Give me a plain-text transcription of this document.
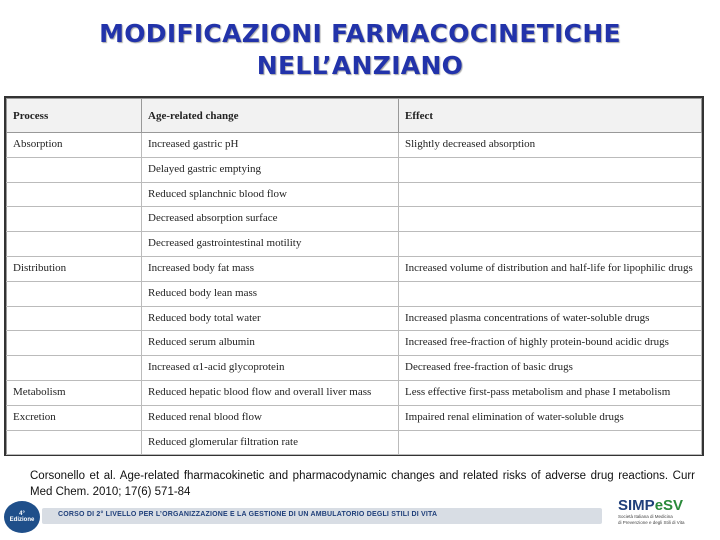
MODIFICAZIONI FARMACOCINETICHE
NELL’ANZIANO
Process	Age-related change	Effect
Absorption	Increased gastric pH	Slightly decreased absorption
	Delayed gastric emptying	
	Reduced splanchnic blood flow	
	Decreased absorption surface	
	Decreased gastrointestinal motility	
Distribution	Increased body fat mass	Increased volume of distribution and half-life for lipophilic drugs
	Reduced body lean mass	
	Reduced body total water	Increased plasma concentrations of water-soluble drugs
	Reduced serum albumin	Increased free-fraction of highly protein-bound acidic drugs
	Increased α1-acid glycoprotein	Decreased free-fraction of basic drugs
Metabolism	Reduced hepatic blood flow and overall liver mass	Less effective first-pass metabolism and phase I metabolism
Excretion	Reduced renal blood flow	Impaired renal elimination of water-soluble drugs
	Reduced glomerular filtration rate	
Corsonello et al. Age-related fharmacokinetic and pharmacodynamic changes and related risks of adverse drug reactions. Curr Med Chem. 2010; 17(6) 571-84
4°
Edizione
CORSO DI 2° LIVELLO PER L’ORGANIZZAZIONE E LA GESTIONE DI UN AMBULATORIO DEGLI STILI DI VITA
SIMPeSV
Società Italiana di Medicina
di Prevenzione e degli Stili di Vita
